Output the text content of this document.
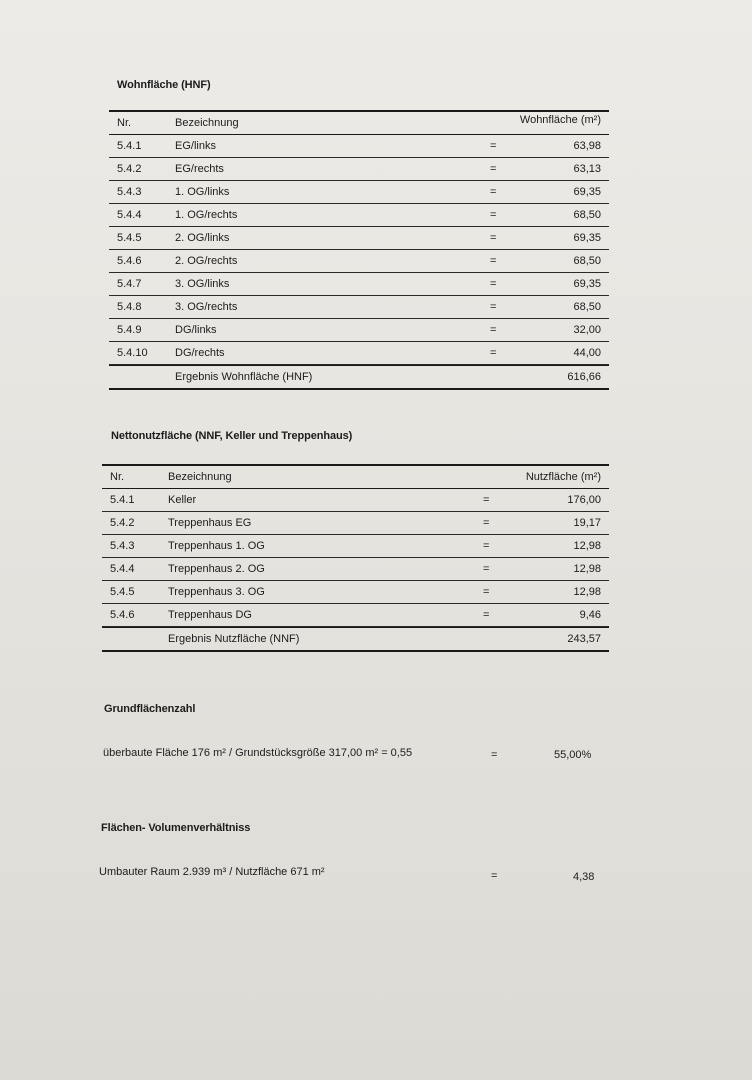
Wohnfläche (HNF)
Nr.	Bezeichnung	Wohnfläche (m²)
5.4.1	EG/links	=	63,98
5.4.2	EG/rechts	=	63,13
5.4.3	1. OG/links	=	69,35
5.4.4	1. OG/rechts	=	68,50
5.4.5	2. OG/links	=	69,35
5.4.6	2. OG/rechts	=	68,50
5.4.7	3. OG/links	=	69,35
5.4.8	3. OG/rechts	=	68,50
5.4.9	DG/links	=	32,00
5.4.10 DG/rechts	=	44,00
Ergebnis Wohnfläche (HNF)	616,66
Nettonutzfläche (NNF, Keller und Treppenhaus)
Nr.	Bezeichnung	Nutzfläche (m²)
5.4.1	Keller	=	176,00
5.4.2	Treppenhaus EG	=	19,17
5.4.3	Treppenhaus 1. OG	=	12,98
5.4.4	Treppenhaus 2. OG	=	12,98
5.4.5	Treppenhaus 3. OG	=	12,98
5.4.6	Treppenhaus DG	=	9,46
Ergebnis Nutzfläche (NNF)	243,57
Grundflächenzahl
überbaute Fläche 176 m² / Grundstücksgröße 317,00 m² = 0,55	=	55,00%
Flächen- Volumenverhältniss
Umbauter Raum 2.939 m³ / Nutzfläche 671 m²	=	4,38
